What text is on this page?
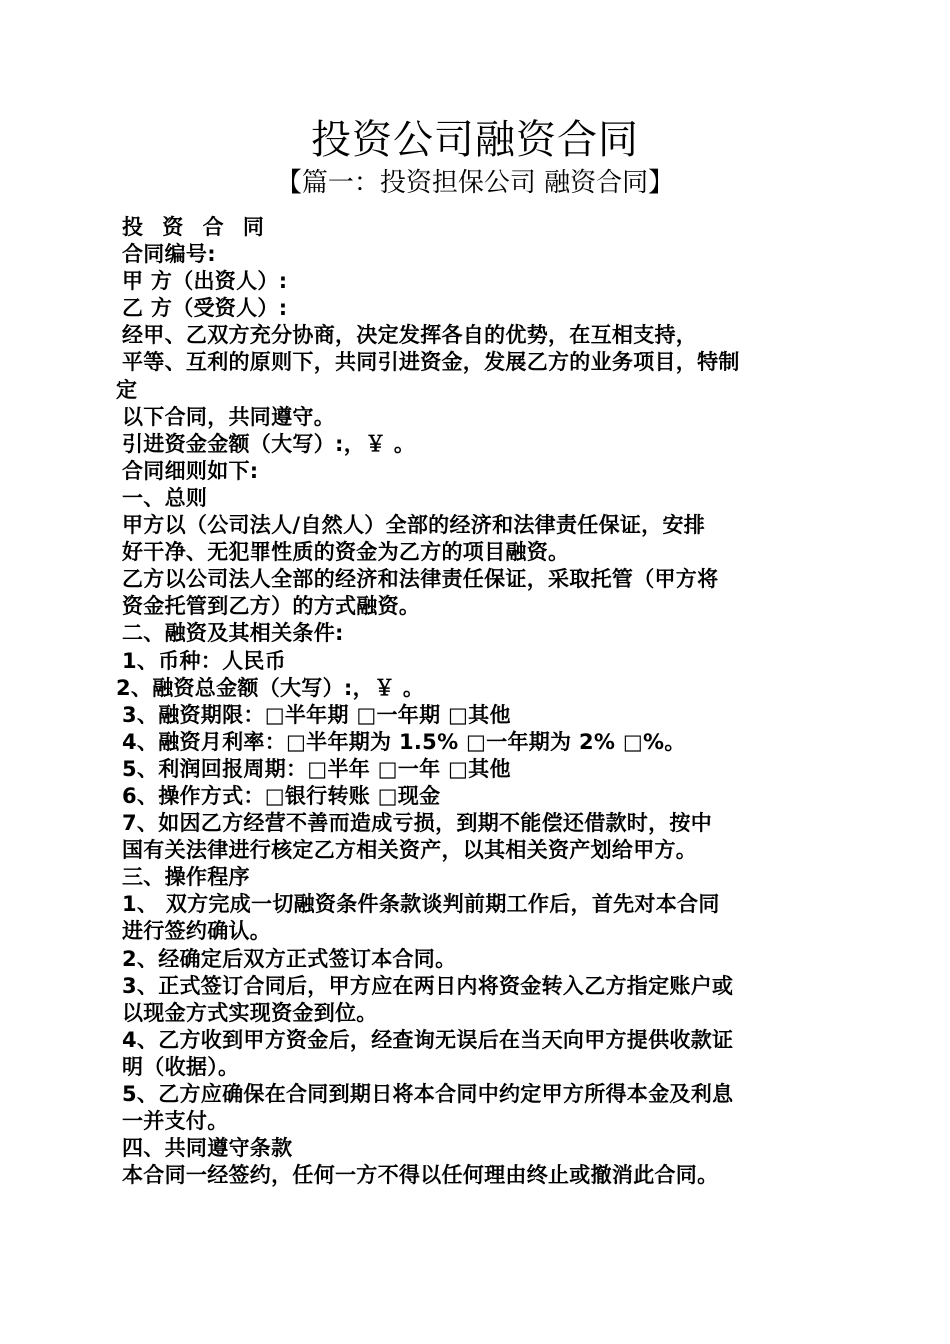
投资公司融资合同
【篇一：投资担保公司 融资合同】
投 资 合 同
合同编号:
甲 方（出资人）:
乙 方（受资人）:
经甲、乙双方充分协商，决定发挥各自的优势，在互相支持，
平等、互利的原则下，共同引进资金，发展乙方的业务项目，特制
定
以下合同，共同遵守。
引进资金金额（大写）:，￥ 。
合同细则如下:
一、总则
甲方以（公司法人/自然人）全部的经济和法律责任保证，安排
好干净、无犯罪性质的资金为乙方的项目融资。
乙方以公司法人全部的经济和法律责任保证，采取托管（甲方将
资金托管到乙方）的方式融资。
二、融资及其相关条件:
1、币种：人民币
2、融资总金额（大写）:，￥ 。
3、融资期限：□半年期 □一年期 □其他
4、融资月利率：□半年期为 1.5% □一年期为 2% □%。
5、利润回报周期：□半年 □一年 □其他
6、操作方式：□银行转账 □现金
7、如因乙方经营不善而造成亏损，到期不能偿还借款时，按中
国有关法律进行核定乙方相关资产，以其相关资产划给甲方。
三、操作程序
1、 双方完成一切融资条件条款谈判前期工作后，首先对本合同
进行签约确认。
2、经确定后双方正式签订本合同。
3、正式签订合同后，甲方应在两日内将资金转入乙方指定账户或
以现金方式实现资金到位。
4、乙方收到甲方资金后，经查询无误后在当天向甲方提供收款证
明（收据）。
5、乙方应确保在合同到期日将本合同中约定甲方所得本金及利息
一并支付。
四、共同遵守条款
本合同一经签约，任何一方不得以任何理由终止或撤消此合同。
